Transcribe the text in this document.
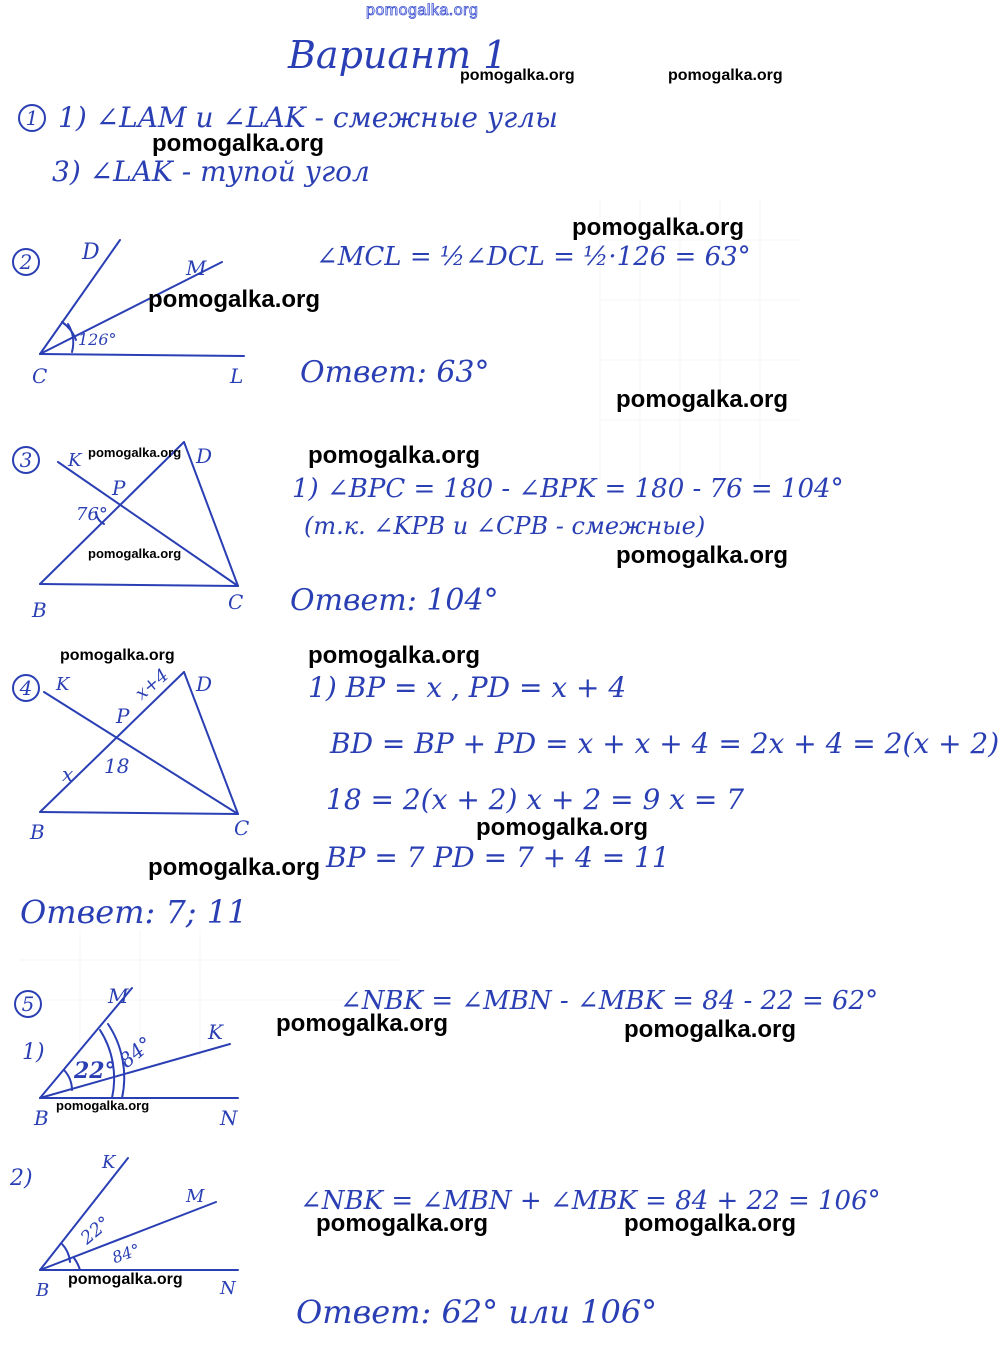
pomogalka.org
Вариант 1
1 1) ∠LAM и ∠LAK - смежные углы
3) ∠LAK - тупой угол
2	D
M
126°
C	L
∠MCL = ½∠DCL = ½·126 = 63°
Ответ: 63°
3	K	D
P
76°
B	C
1) ∠BPC = 180 - ∠BPK = 180 - 76 = 104°
(т.к. ∠KPB и ∠CPB - смежные)
Ответ: 104°
4	K	D
x+4
P
x 18
B	C
1) BP = x , PD = x + 4
BD = BP + PD = x + x + 4 = 2x + 4 = 2(x + 2)
18 = 2(x + 2) x + 2 = 9 x = 7
BP = 7 PD = 7 + 4 = 11
Ответ: 7; 11
5
1)
M
K
22°
84°
B	N
∠NBK = ∠MBN - ∠MBK = 84 - 22 = 62°
2)
K
M
22°
84°
B	N
∠NBK = ∠MBN + ∠MBK = 84 + 22 = 106°
Ответ: 62° или 106°
pomogalka.org	pomogalka.org
pomogalka.org
pomogalka.org
pomogalka.org
pomogalka.org
pomogalka.org	pomogalka.org
pomogalka.org	pomogalka.org
pomogalka.org	pomogalka.org
pomogalka.org
pomogalka.org
pomogalka.org	pomogalka.org
pomogalka.org
pomogalka.org	pomogalka.org
pomogalka.org
